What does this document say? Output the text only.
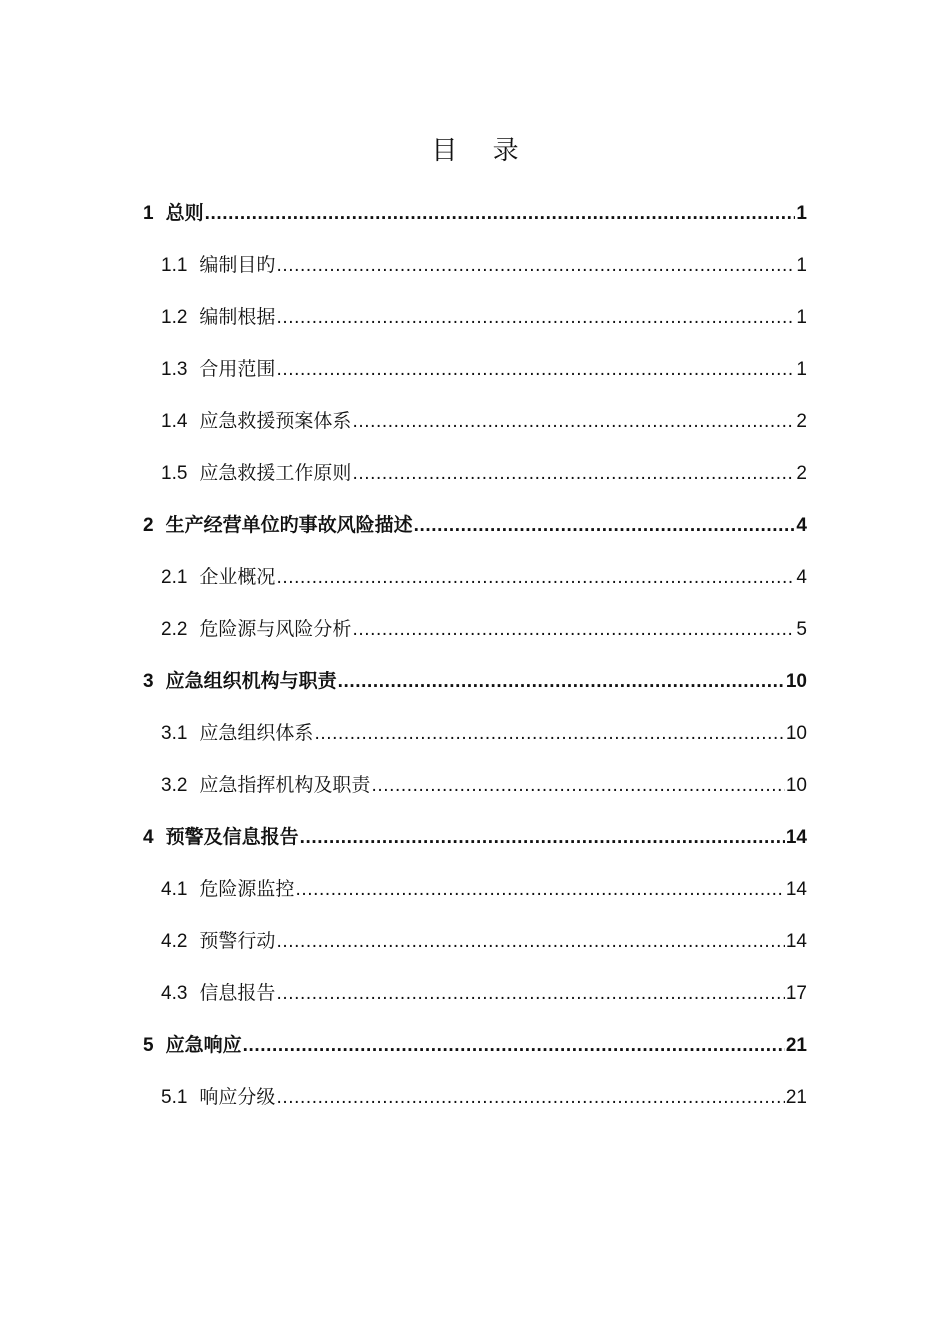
目 录
1 总则 .....	1
1.1 编制目旳 .....	1
1.2 编制根据 .....	1
1.3 合用范围 .....	1
1.4 应急救援预案体系 .....	2
1.5 应急救援工作原则 .....	2
2 生产经营单位旳事故风险描述 .....	4
2.1 企业概况 .....	4
2.2 危险源与风险分析 .....	5
3 应急组织机构与职责 .....	10
3.1 应急组织体系 .....	10
3.2 应急指挥机构及职责 .....	10
4 预警及信息报告 .....	14
4.1 危险源监控 .....	14
4.2 预警行动 .....	14
4.3 信息报告 .....	17
5 应急响应 .....	21
5.1 响应分级 .....	21
